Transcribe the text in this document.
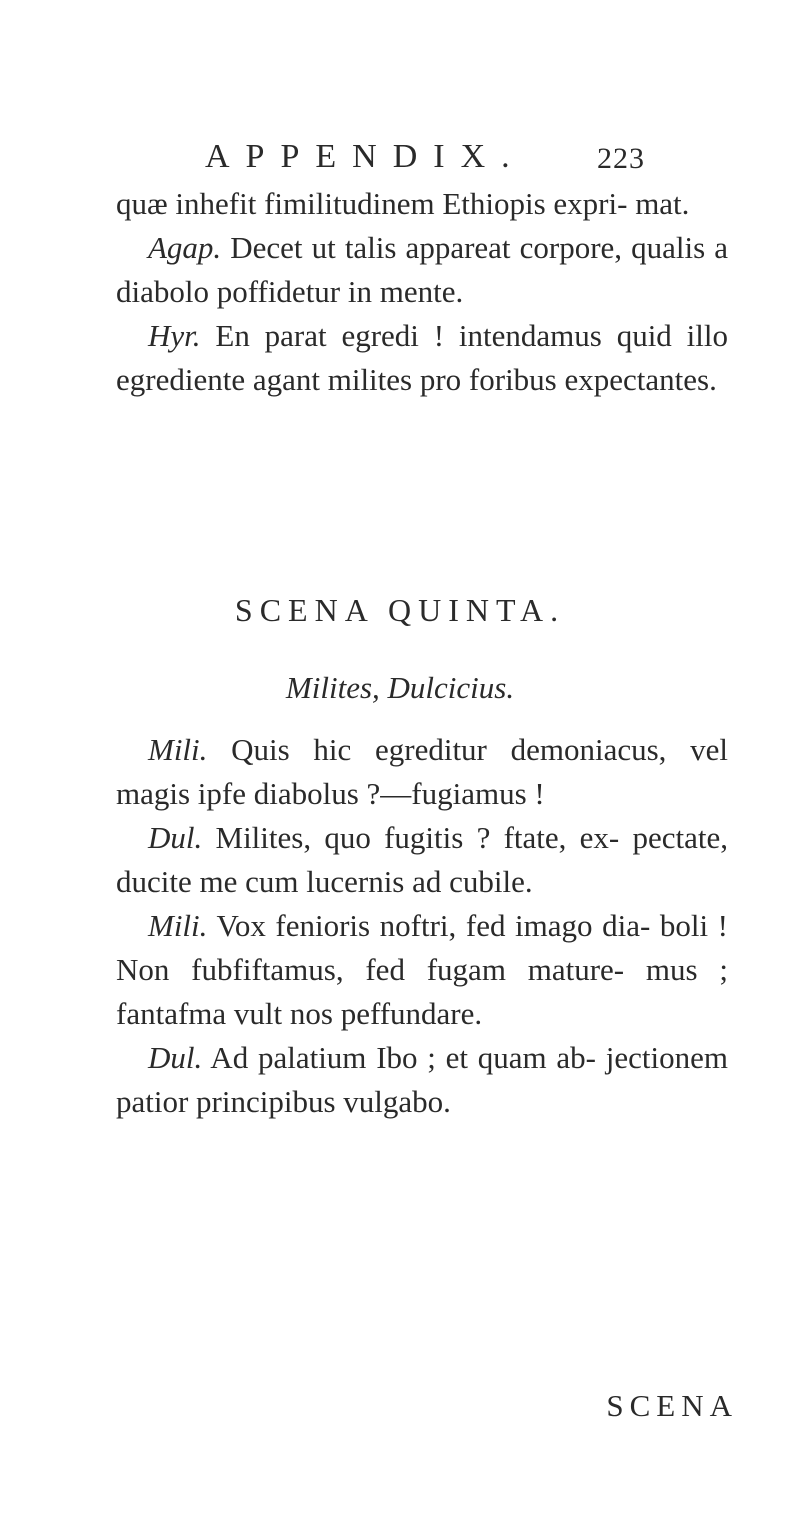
APPENDIX. 223

quæ inhefit fimilitudinem Ethiopis expri- mat.

Agap. Decet ut talis appareat corpore, qualis a diabolo poffidetur in mente.

Hyr. En parat egredi ! intendamus quid illo egrediente agant milites pro foribus expectantes.

SCENA QUINTA.
Milites, Dulcicius.

Mili. Quis hic egreditur demoniacus, vel magis ipfe diabolus ?—fugiamus !

Dul. Milites, quo fugitis ? ftate, ex- pectate, ducite me cum lucernis ad cubile.

Mili. Vox fenioris noftri, fed imago dia- boli ! Non fubfiftamus, fed fugam mature- mus ; fantafma vult nos peffundare.

Dul. Ad palatium Ibo ; et quam ab- jectionem patior principibus vulgabo.

SCENA
